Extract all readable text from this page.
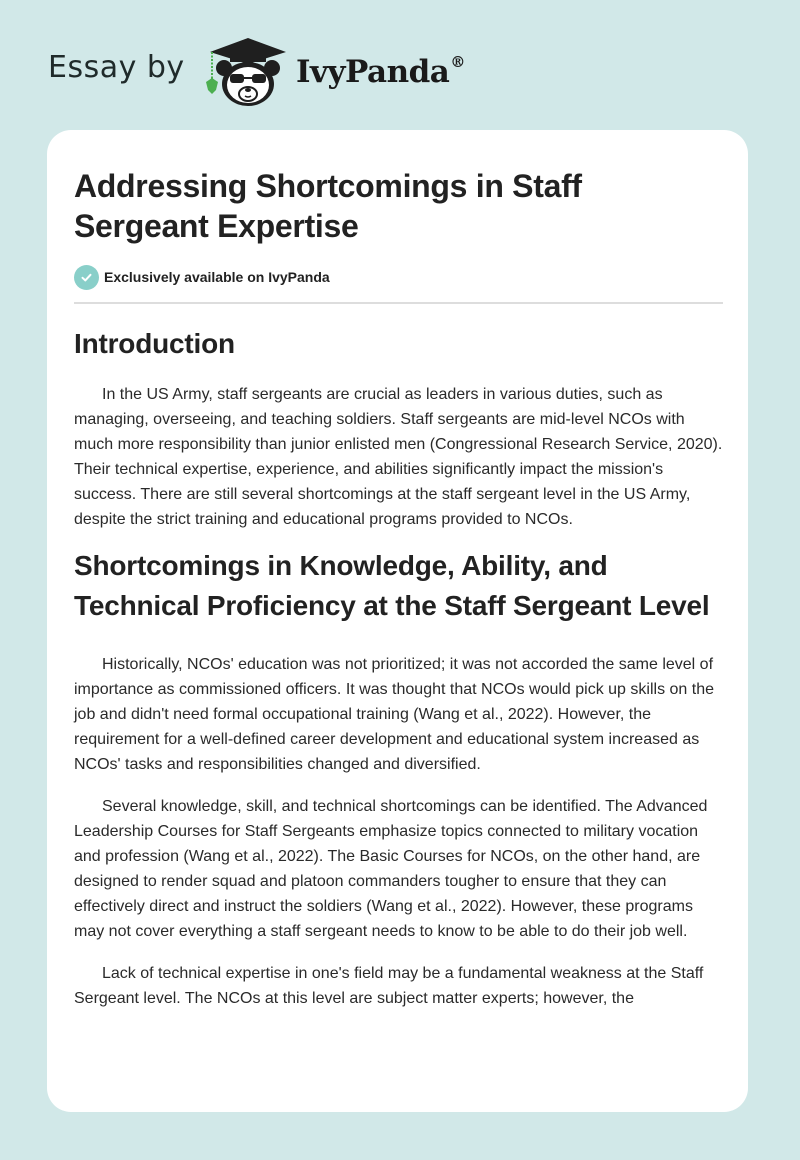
Essay by	IvyPanda®
Addressing Shortcomings in Staff Sergeant Expertise
Exclusively available on IvyPanda
Introduction

In the US Army, staff sergeants are crucial as leaders in various duties, such as managing, overseeing, and teaching soldiers. Staff sergeants are mid-level NCOs with much more responsibility than junior enlisted men (Congressional Research Service, 2020). Their technical expertise, experience, and abilities significantly impact the mission's success. There are still several shortcomings at the staff sergeant level in the US Army, despite the strict training and educational programs provided to NCOs.

Shortcomings in Knowledge, Ability, and Technical Proficiency at the Staff Sergeant Level

Historically, NCOs' education was not prioritized; it was not accorded the same level of importance as commissioned officers. It was thought that NCOs would pick up skills on the job and didn't need formal occupational training (Wang et al., 2022). However, the requirement for a well-defined career development and educational system increased as NCOs' tasks and responsibilities changed and diversified.

Several knowledge, skill, and technical shortcomings can be identified. The Advanced Leadership Courses for Staff Sergeants emphasize topics connected to military vocation and profession (Wang et al., 2022). The Basic Courses for NCOs, on the other hand, are designed to render squad and platoon commanders tougher to ensure that they can effectively direct and instruct the soldiers (Wang et al., 2022). However, these programs may not cover everything a staff sergeant needs to know to be able to do their job well.

Lack of technical expertise in one's field may be a fundamental weakness at the Staff Sergeant level. The NCOs at this level are subject matter experts; however, the
